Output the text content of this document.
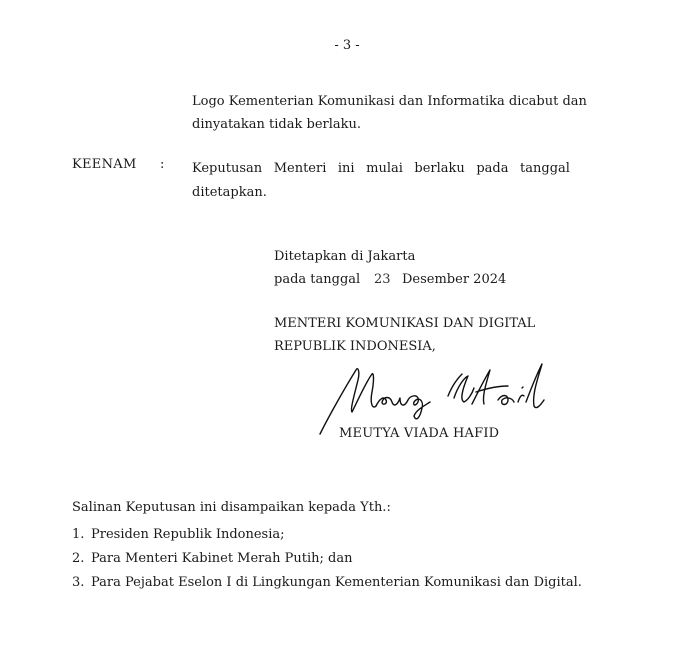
- 3 -
Logo Kementerian Komunikasi dan Informatika dicabut dan
dinyatakan tidak berlaku.
KEENAM : Keputusan Menteri ini mulai berlaku pada tanggal
ditetapkan.
Ditetapkan di Jakarta
pada tanggal	23 Desember 2024
MENTERI KOMUNIKASI DAN DIGITAL
REPUBLIK INDONESIA,
MEUTYA VIADA HAFID
Salinan Keputusan ini disampaikan kepada Yth.:
1. Presiden Republik Indonesia;
2. Para Menteri Kabinet Merah Putih; dan
3. Para Pejabat Eselon I di Lingkungan Kementerian Komunikasi dan Digital.
